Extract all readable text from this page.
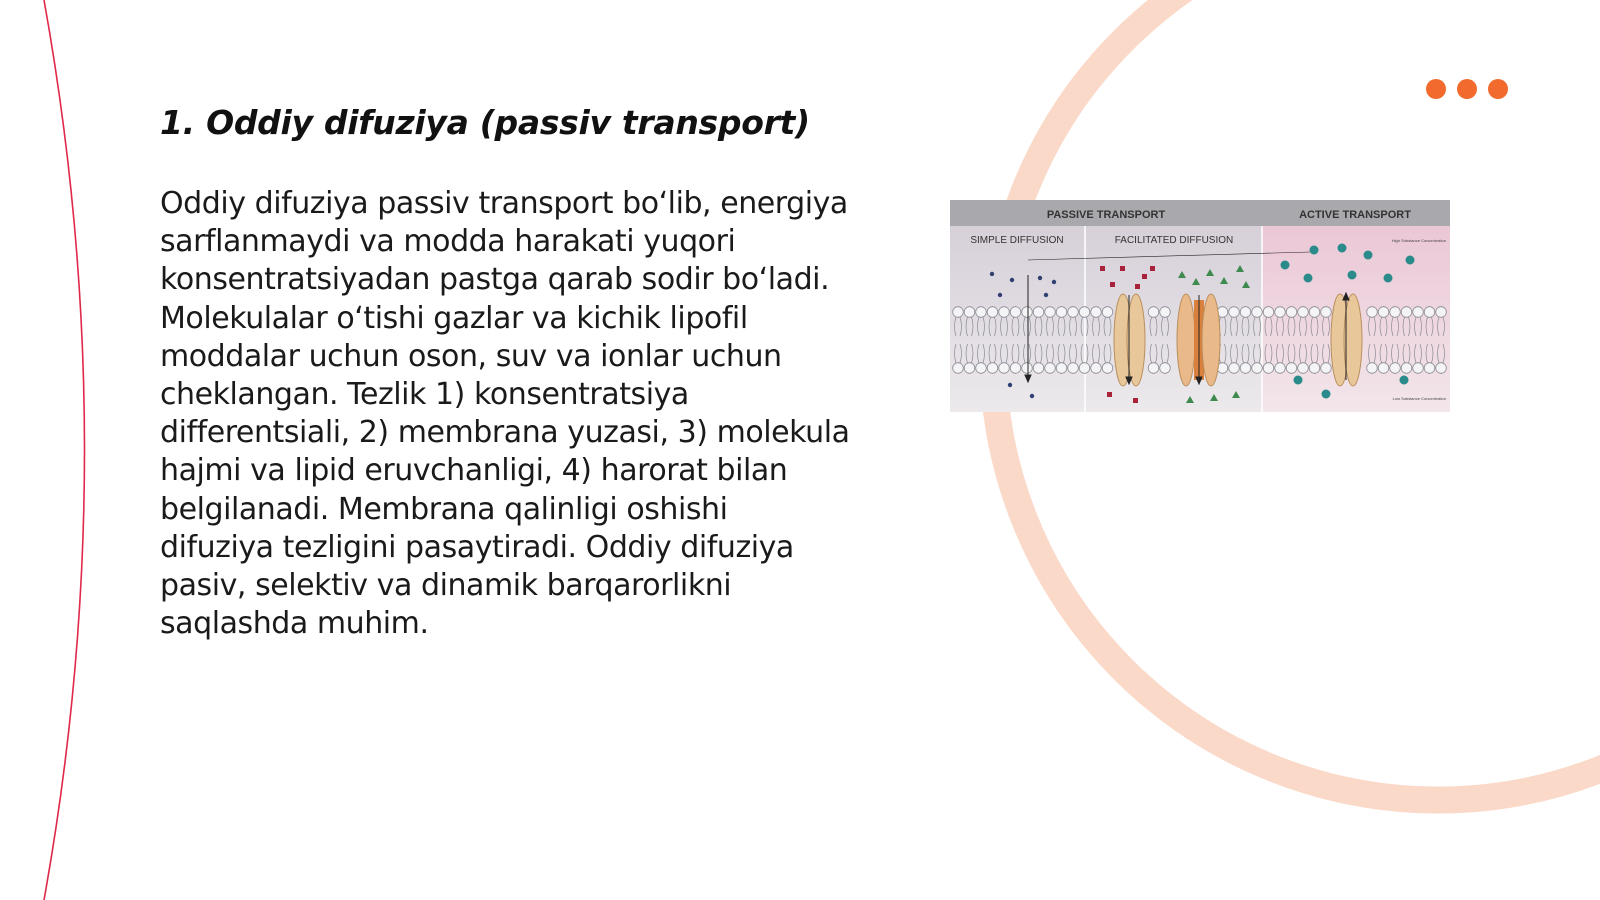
1. Oddiy difuziya (passiv transport)

Oddiy difuziya passiv transport bo‘lib, energiya sarflanmaydi va modda harakati yuqori konsentratsiyadan pastga qarab sodir bo‘ladi. Molekulalar o‘tishi gazlar va kichik lipofil moddalar uchun oson, suv va ionlar uchun cheklangan. Tezlik 1) konsentratsiya differentsiali, 2) membrana yuzasi, 3) molekula hajmi va lipid eruvchanligi, 4) harorat bilan belgilanadi. Membrana qalinligi oshishi difuziya tezligini pasaytiradi. Oddiy difuziya pasiv, selektiv va dinamik barqarorlikni saqlashda muhim.

PASSIVE TRANSPORT	ACTIVE TRANSPORT
SIMPLE DIFFUSION	FACILITATED DIFFUSION	High Substance Concentration
Low Substance Concentration
